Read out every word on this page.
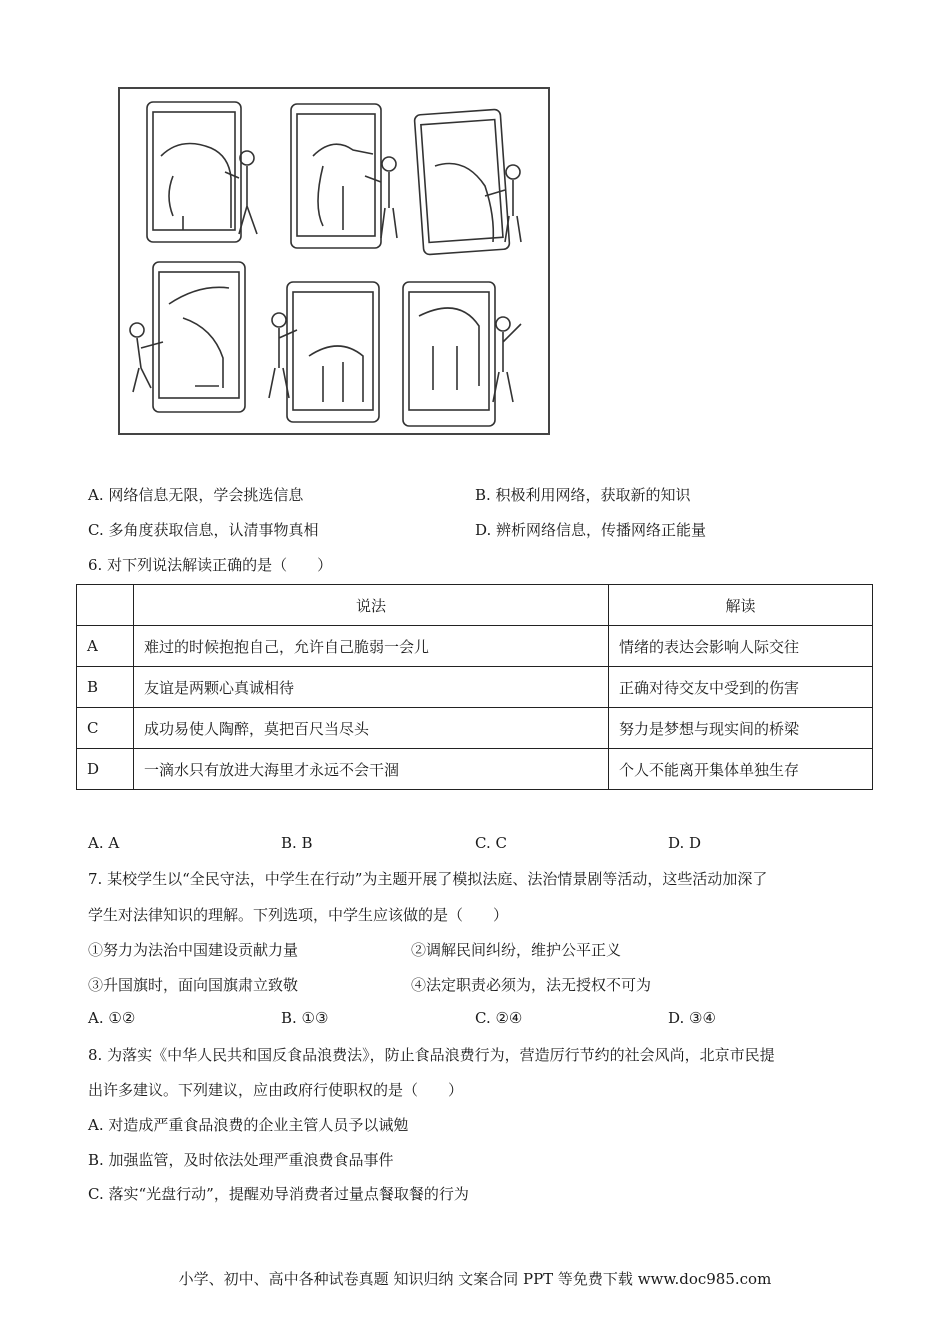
A. 网络信息无限，学会挑选信息	B. 积极利用网络，获取新的知识
C. 多角度获取信息，认清事物真相	D. 辨析网络信息，传播网络正能量
6. 对下列说法解读正确的是（　　）
	说法	解读
A	难过的时候抱抱自己，允许自己脆弱一会儿	情绪的表达会影响人际交往
B	友谊是两颗心真诚相待	正确对待交友中受到的伤害
C	成功易使人陶醉，莫把百尺当尽头	努力是梦想与现实间的桥梁
D	一滴水只有放进大海里才永远不会干涸	个人不能离开集体单独生存
A. A	B. B	C. C	D. D
7. 某校学生以“全民守法，中学生在行动”为主题开展了模拟法庭、法治情景剧等活动，这些活动加深了
学生对法律知识的理解。下列选项，中学生应该做的是（　　）
①努力为法治中国建设贡献力量	②调解民间纠纷，维护公平正义
③升国旗时，面向国旗肃立致敬	④法定职责必须为，法无授权不可为
A. ①②	B. ①③	C. ②④	D. ③④
8. 为落实《中华人民共和国反食品浪费法》，防止食品浪费行为，营造厉行节约的社会风尚，北京市民提
出许多建议。下列建议，应由政府行使职权的是（　　）
A. 对造成严重食品浪费的企业主管人员予以诫勉
B. 加强监管，及时依法处理严重浪费食品事件
C. 落实“光盘行动”，提醒劝导消费者过量点餐取餐的行为
小学、初中、高中各种试卷真题 知识归纳 文案合同 PPT 等免费下载 www.doc985.com
